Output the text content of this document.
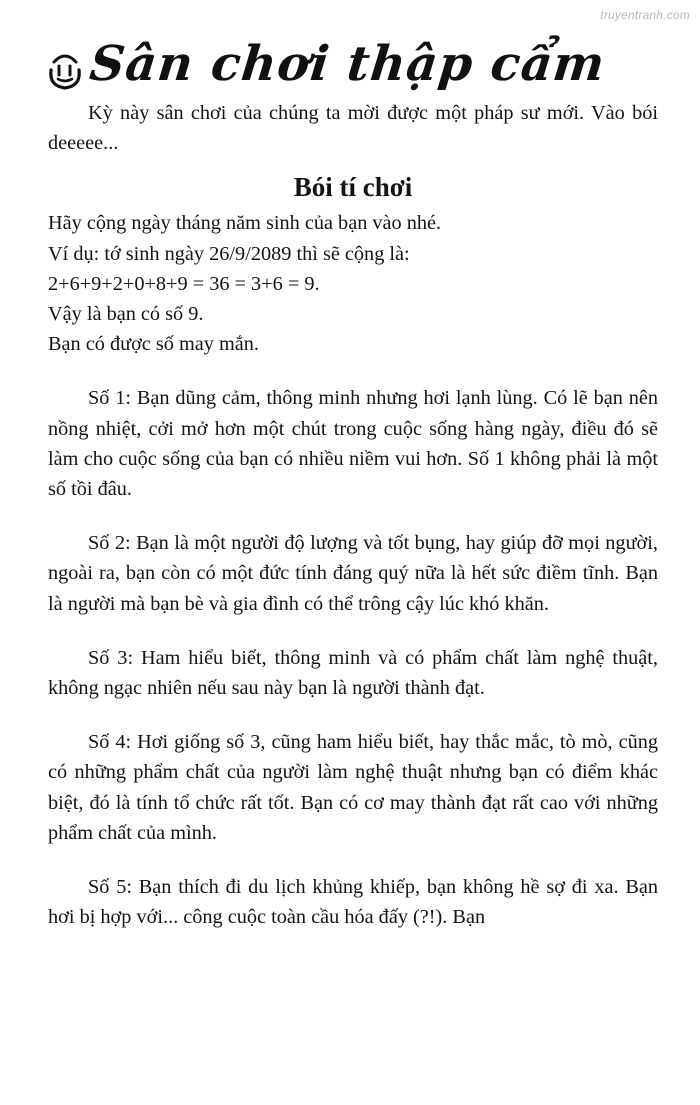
truyentranh.com
Sân chơi thập cẩm

Kỳ này sân chơi của chúng ta mời được một pháp sư mới. Vào bói deeeee...

Bói tí chơi

Hãy cộng ngày tháng năm sinh của bạn vào nhé.

Ví dụ: tớ sinh ngày 26/9/2089 thì sẽ cộng là:

2+6+9+2+0+8+9 = 36 = 3+6 = 9.

Vậy là bạn có số 9.

Bạn có được số may mắn.

Số 1: Bạn dũng cảm, thông minh nhưng hơi lạnh lùng. Có lẽ bạn nên nồng nhiệt, cởi mở hơn một chút trong cuộc sống hàng ngày, điều đó sẽ làm cho cuộc sống của bạn có nhiều niềm vui hơn. Số 1 không phải là một số tồi đâu.

Số 2: Bạn là một người độ lượng và tốt bụng, hay giúp đỡ mọi người, ngoài ra, bạn còn có một đức tính đáng quý nữa là hết sức điềm tĩnh. Bạn là người mà bạn bè và gia đình có thể trông cậy lúc khó khăn.

Số 3: Ham hiểu biết, thông minh và có phẩm chất làm nghệ thuật, không ngạc nhiên nếu sau này bạn là người thành đạt.

Số 4: Hơi giống số 3, cũng ham hiểu biết, hay thắc mắc, tò mò, cũng có những phẩm chất của người làm nghệ thuật nhưng bạn có điểm khác biệt, đó là tính tổ chức rất tốt. Bạn có cơ may thành đạt rất cao với những phẩm chất của mình.

Số 5: Bạn thích đi du lịch khủng khiếp, bạn không hề sợ đi xa. Bạn hơi bị hợp với... công cuộc toàn cầu hóa đấy (?!). Bạn
